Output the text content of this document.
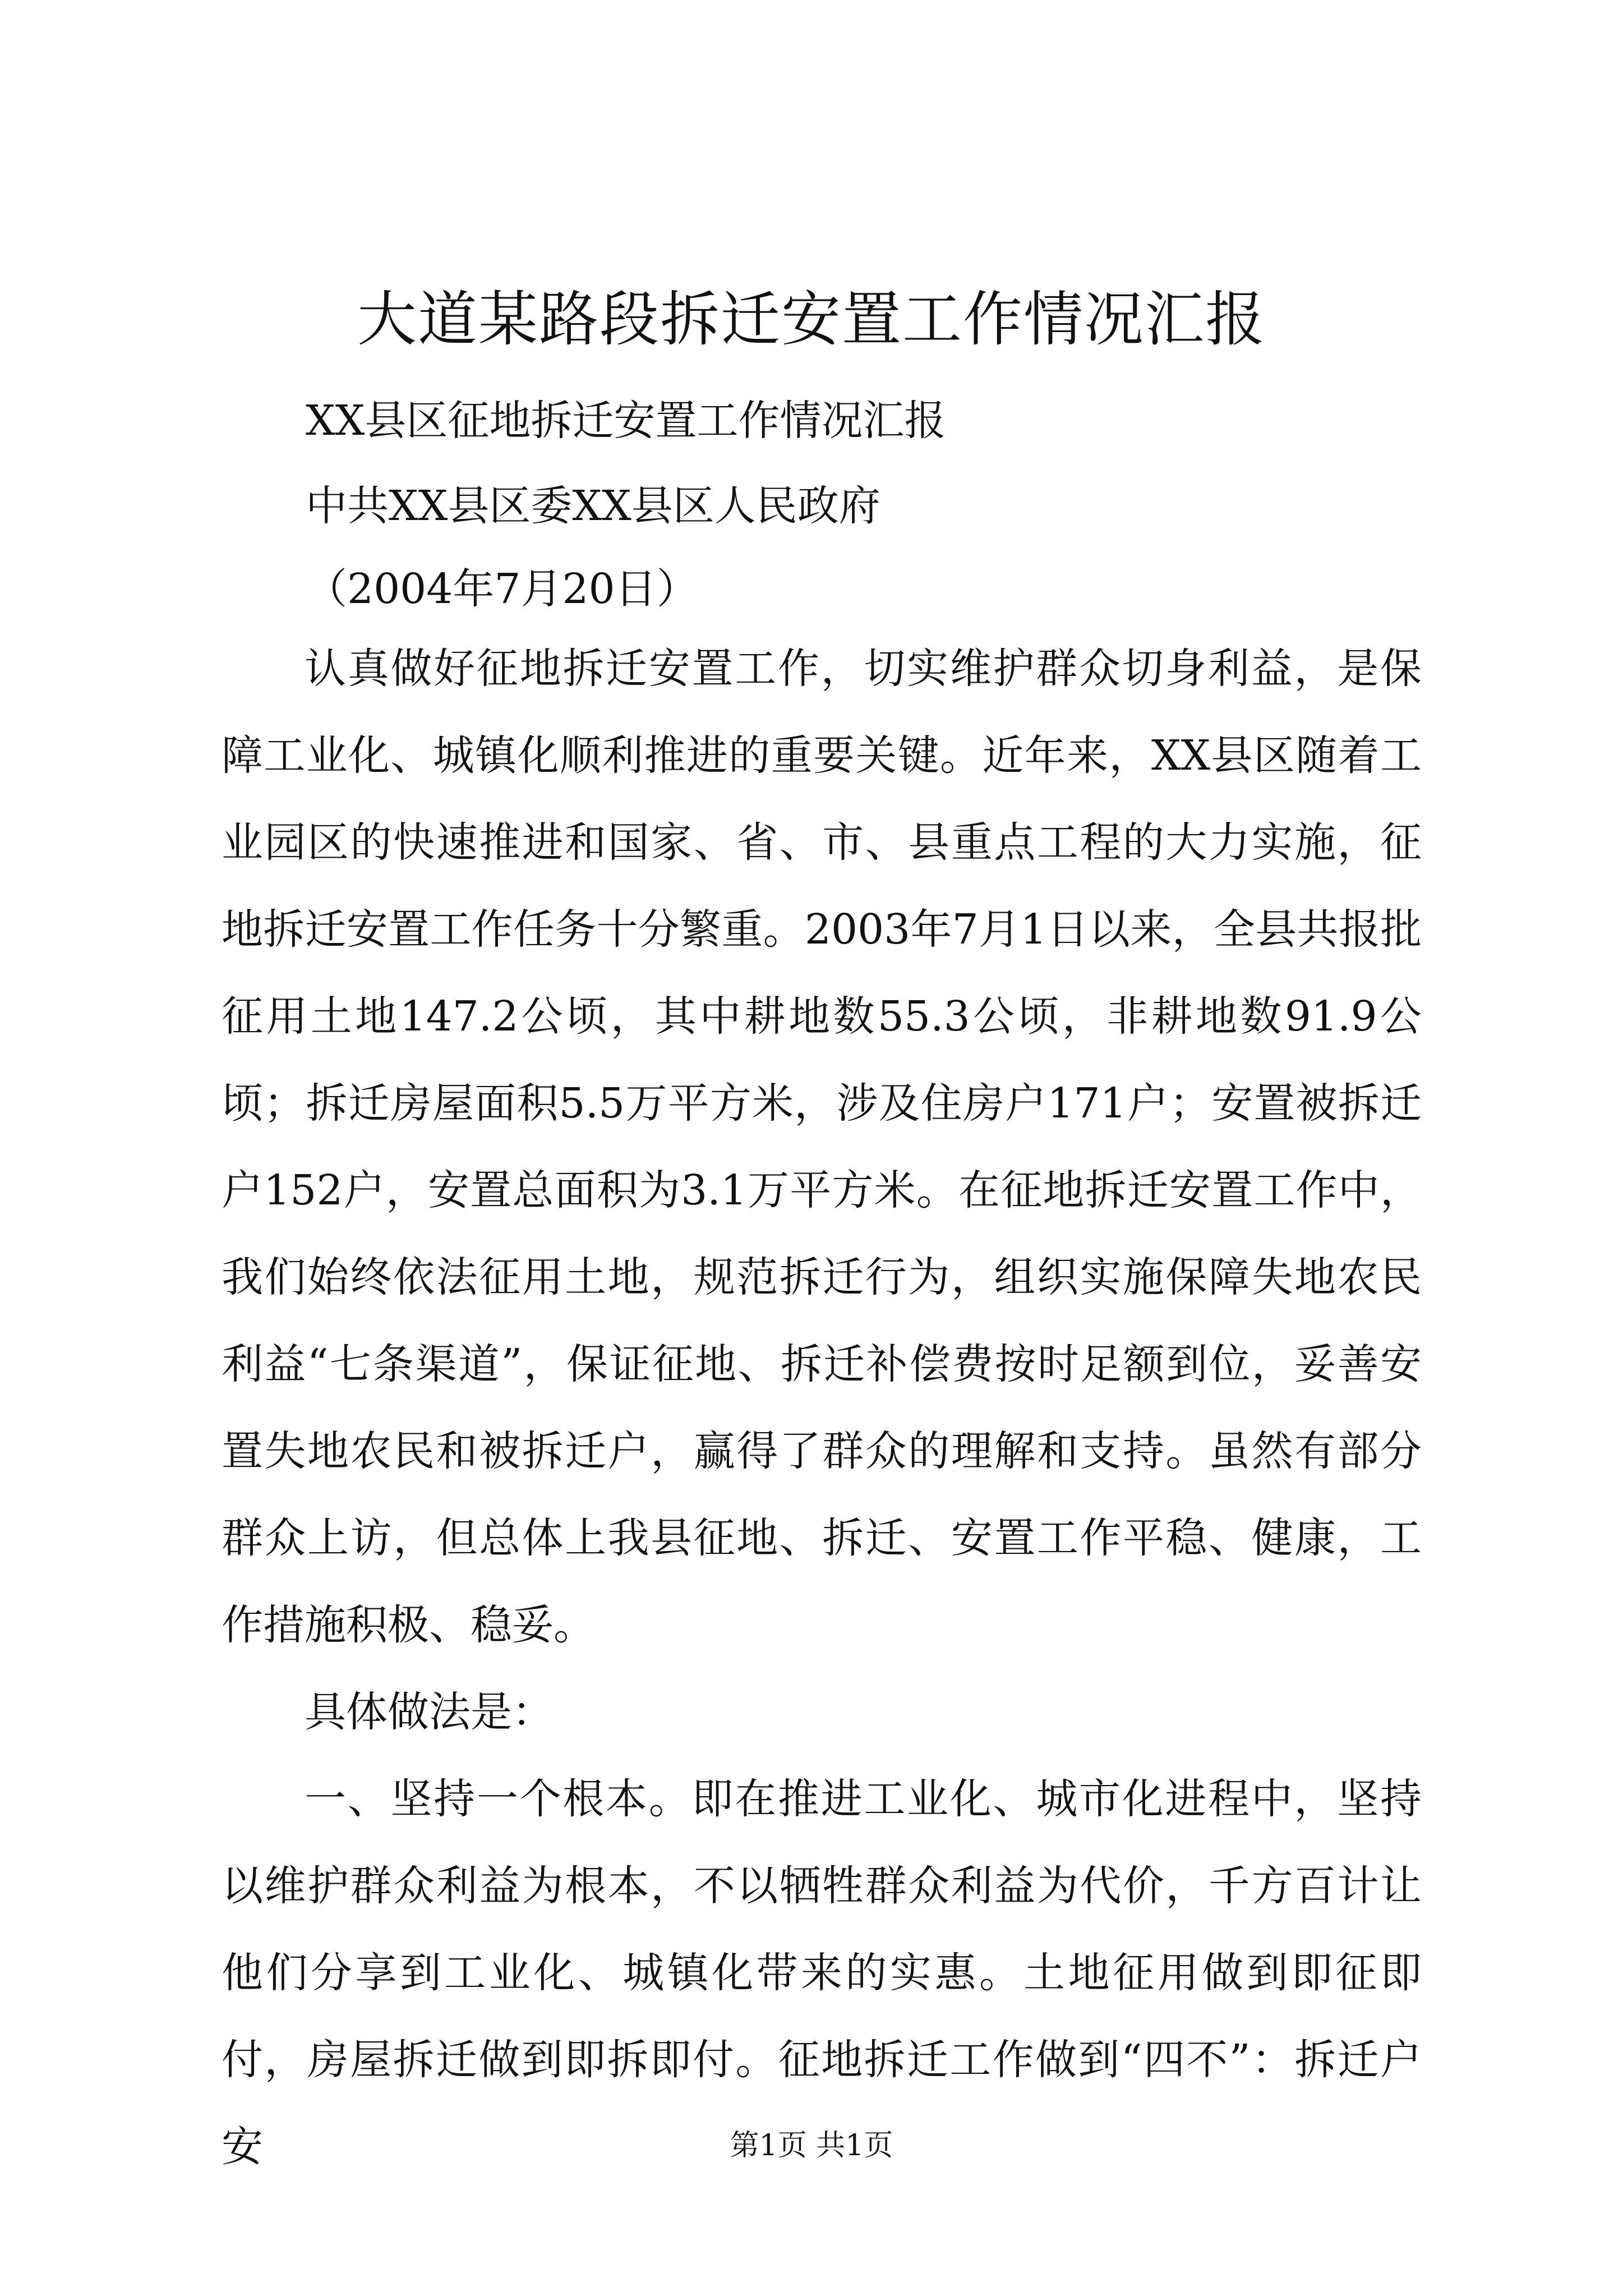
大道某路段拆迁安置工作情况汇报
XX县区征地拆迁安置工作情况汇报
中共XX县区委XX县区人民政府
（2004年7月20日）

认真做好征地拆迁安置工作，切实维护群众切身利益，是保障工业化、城镇化顺利推进的重要关键。近年来，XX县区随着工业园区的快速推进和国家、省、市、县重点工程的大力实施，征地拆迁安置工作任务十分繁重。2003年7月1日以来，全县共报批征用土地147.2公顷，其中耕地数55.3公顷，非耕地数91.9公顷；拆迁房屋面积5.5万平方米，涉及住房户171户；安置被拆迁户152户，安置总面积为3.1万平方米。在征地拆迁安置工作中，我们始终依法征用土地，规范拆迁行为，组织实施保障失地农民利益“七条渠道”，保证征地、拆迁补偿费按时足额到位，妥善安置失地农民和被拆迁户，赢得了群众的理解和支持。虽然有部分群众上访，但总体上我县征地、拆迁、安置工作平稳、健康，工作措施积极、稳妥。

具体做法是：

一、坚持一个根本。即在推进工业化、城市化进程中，坚持以维护群众利益为根本，不以牺牲群众利益为代价，千方百计让他们分享到工业化、城镇化带来的实惠。土地征用做到即征即付，房屋拆迁做到即拆即付。征地拆迁工作做到“四不”：拆迁户安	第1页 共1页
